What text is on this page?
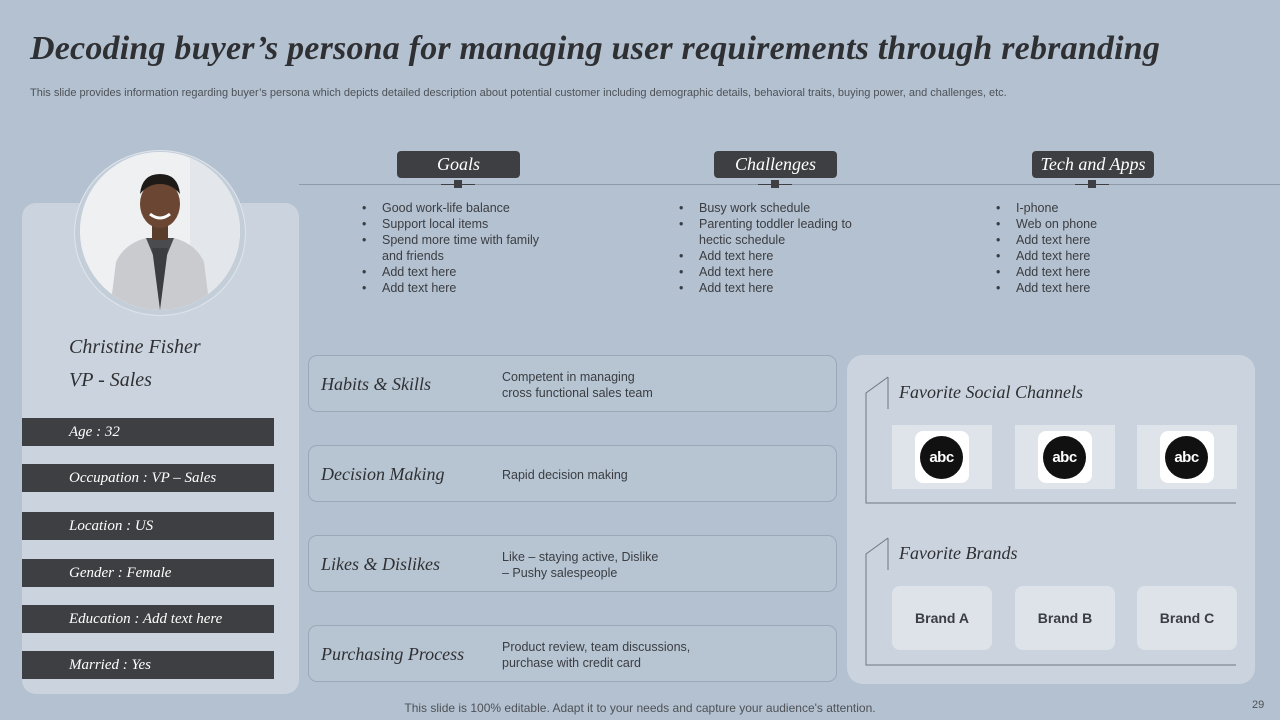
Decoding buyer’s persona for managing user requirements through rebranding
This slide provides information regarding buyer’s persona which depicts detailed description about potential customer including demographic details, behavioral traits, buying power, and challenges, etc.
Christine Fisher
VP - Sales
Age : 32
Occupation : VP – Sales
Location : US
Gender : Female
Education : Add text here
Married : Yes
Goals
• Good work-life balance
• Support local items
• Spend more time with family and friends
• Add text here
• Add text here
Challenges
• Busy work schedule
• Parenting toddler leading to hectic schedule
• Add text here
• Add text here
• Add text here
Tech and Apps
• I-phone
• Web on phone
• Add text here
• Add text here
• Add text here
• Add text here
Habits & Skills	Competent in managing
cross functional sales team
Decision Making	Rapid decision making
Likes & Dislikes	Like – staying active, Dislike
– Pushy salespeople
Purchasing Process	Product review, team discussions,
purchase with credit card
Favorite Social Channels
abc	abc	abc
Favorite Brands
Brand A	Brand B	Brand C
This slide is 100% editable. Adapt it to your needs and capture your audience's attention.	29
